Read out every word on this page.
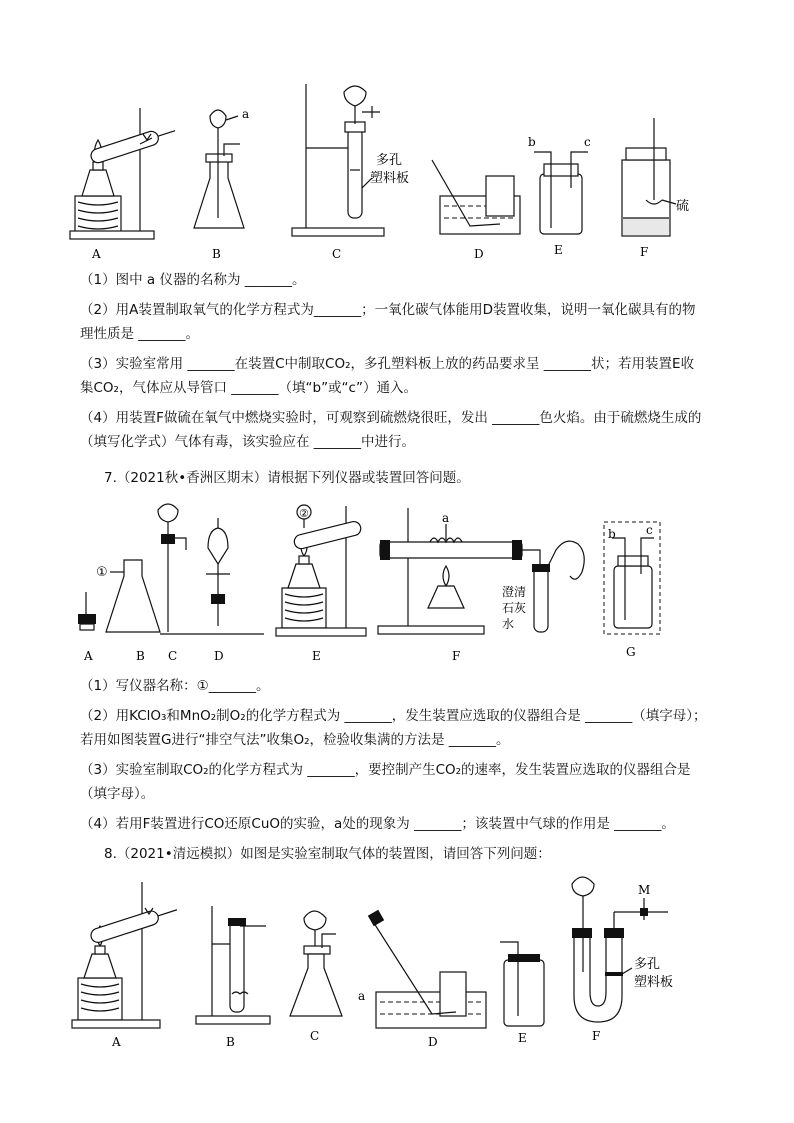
A
a
B
多孔
塑料板
C	D
b	c
E
硫
F
（1）图中 a 仪器的名称为 _______。
（2）用A装置制取氧气的化学方程式为_______；一氧化碳气体能用D装置收集，说明一氧化碳具有的物
理性质是 _______。
（3）实验室常用 _______在装置C中制取CO₂，多孔塑料板上放的药品要求呈 _______状；若用装置E收
集CO₂，气体应从导管口 _______（填“b”或“c”）通入。
（4）用装置F做硫在氧气中燃烧实验时，可观察到硫燃烧很旺，发出 _______色火焰。由于硫燃烧生成的
（填写化学式）气体有毒，该实验应在 _______中进行。
7.（2021秋•香洲区期末）请根据下列仪器或装置回答问题。
A
①
B C	D
②
E
a
澄清
石灰
水
F
b	c
G
（1）写仪器名称：①_______。
（2）用KClO₃和MnO₂制O₂的化学方程式为 _______，发生装置应选取的仪器组合是 _______（填字母）；
若用如图装置G进行“排空气法”收集O₂，检验收集满的方法是 _______。
（3）实验室制取CO₂的化学方程式为 _______，要控制产生CO₂的速率，发生装置应选取的仪器组合是
（填字母）。
（4）若用F装置进行CO还原CuO的实验，a处的现象为 _______；该装置中气球的作用是 _______。
8.（2021•清远模拟）如图是实验室制取气体的装置图，请回答下列问题：
A	B	C
a
D	E
M
多孔
塑料板
F
